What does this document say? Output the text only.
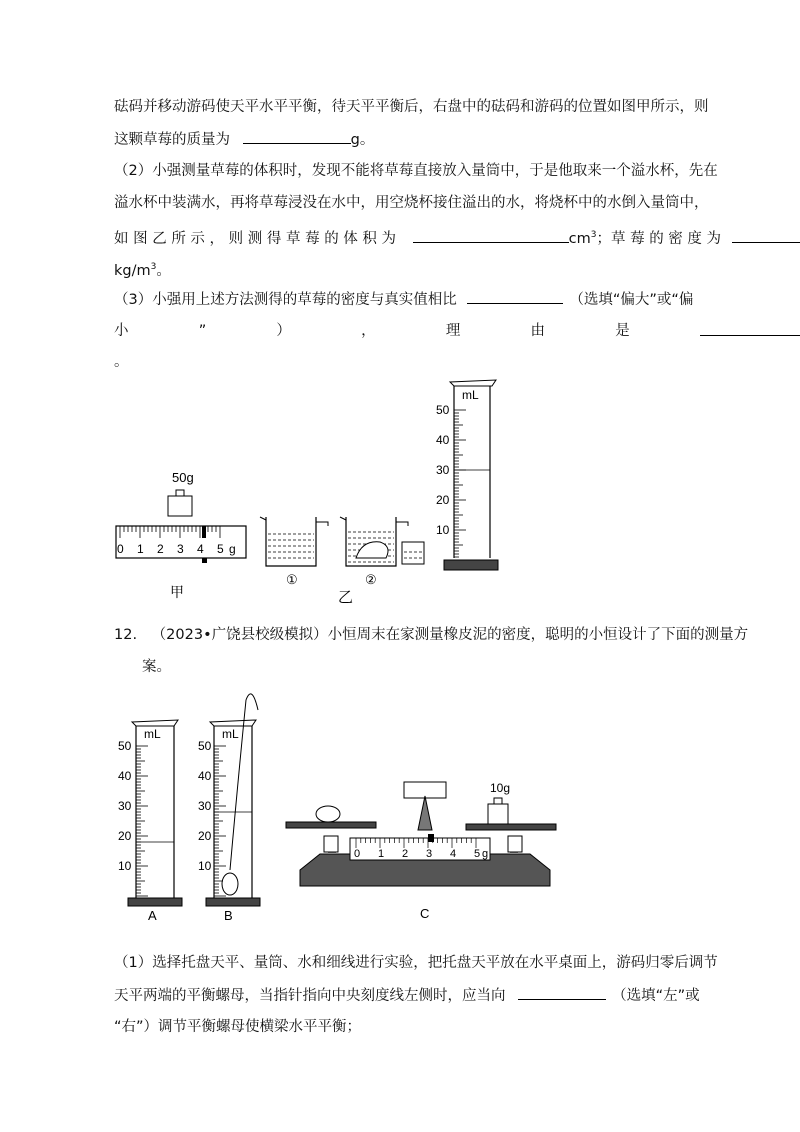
砝码并移动游码使天平水平平衡，待天平平衡后，右盘中的砝码和游码的位置如图甲所示，则
这颗草莓的质量为	g。
（2）小强测量草莓的体积时，发现不能将草莓直接放入量筒中，于是他取来一个溢水杯，先在
溢水杯中装满水，再将草莓浸没在水中，用空烧杯接住溢出的水，将烧杯中的水倒入量筒中，
如 图 乙 所 示 ， 则 测 得 草 莓 的 体 积 为	$cm^3$；草 莓 的 密 度 为
$kg/m^3$。
（3）小强用上述方法测得的草莓的密度与真实值相比	（选填“偏大”或“偏
小	”	）	，	理	由	是
。
50g
0 1 2 3 4 5 g
甲
①	②
乙
mL
50
40
30
20
10
12. （2023•广饶县校级模拟）小恒周末在家测量橡皮泥的密度，聪明的小恒设计了下面的测量方
案。
mL
50
40
30
20
10
A
mL
50
40
30
20
10
B
0 1 2 3 4 5 g
10g
C
（1）选择托盘天平、量筒、水和细线进行实验，把托盘天平放在水平桌面上，游码归零后调节
天平两端的平衡螺母，当指针指向中央刻度线左侧时，应当向	（选填“左”或
“右”）调节平衡螺母使横梁水平平衡；
